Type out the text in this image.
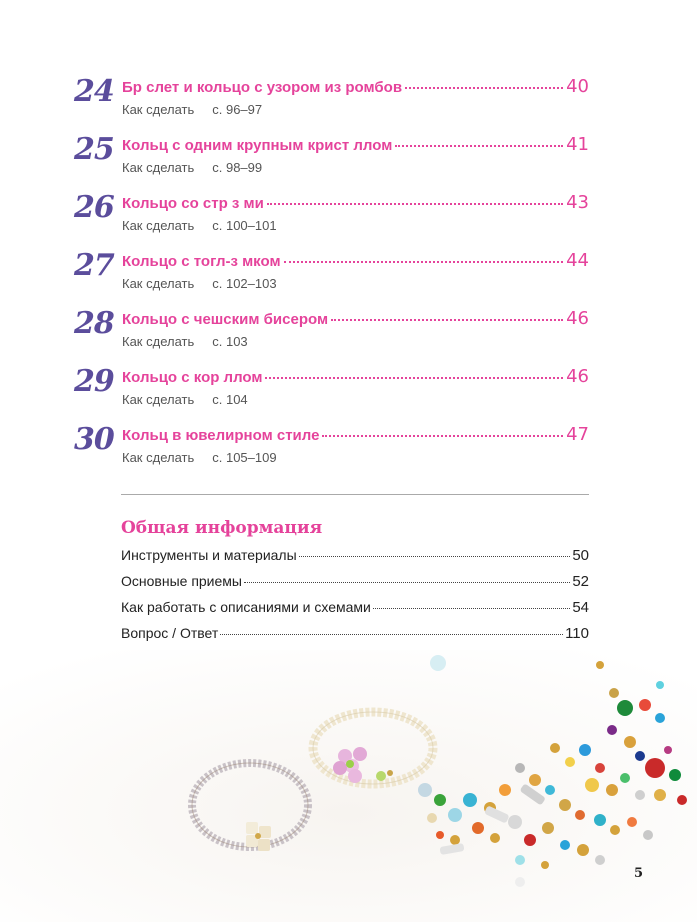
24 Бр слет и кольцо с узором из ромбов	40
Как сделать с. 96–97
25 Кольц с одним крупным крист ллом	41
Как сделать с. 98–99
26 Кольцо со стр з ми	43
Как сделать с. 100–101
27 Кольцо с тогл-з мком	44
Как сделать с. 102–103
28 Кольцо с чешским бисером	46
Как сделать с. 103
29 Кольцо с кор ллом	46
Как сделать с. 104
30 Кольц в ювелирном стиле	47
Как сделать с. 105–109
Общая информация
Инструменты и материалы	50
Основные приемы	52
Как работать с описаниями и схемами	54
Вопрос / Ответ	110
5
